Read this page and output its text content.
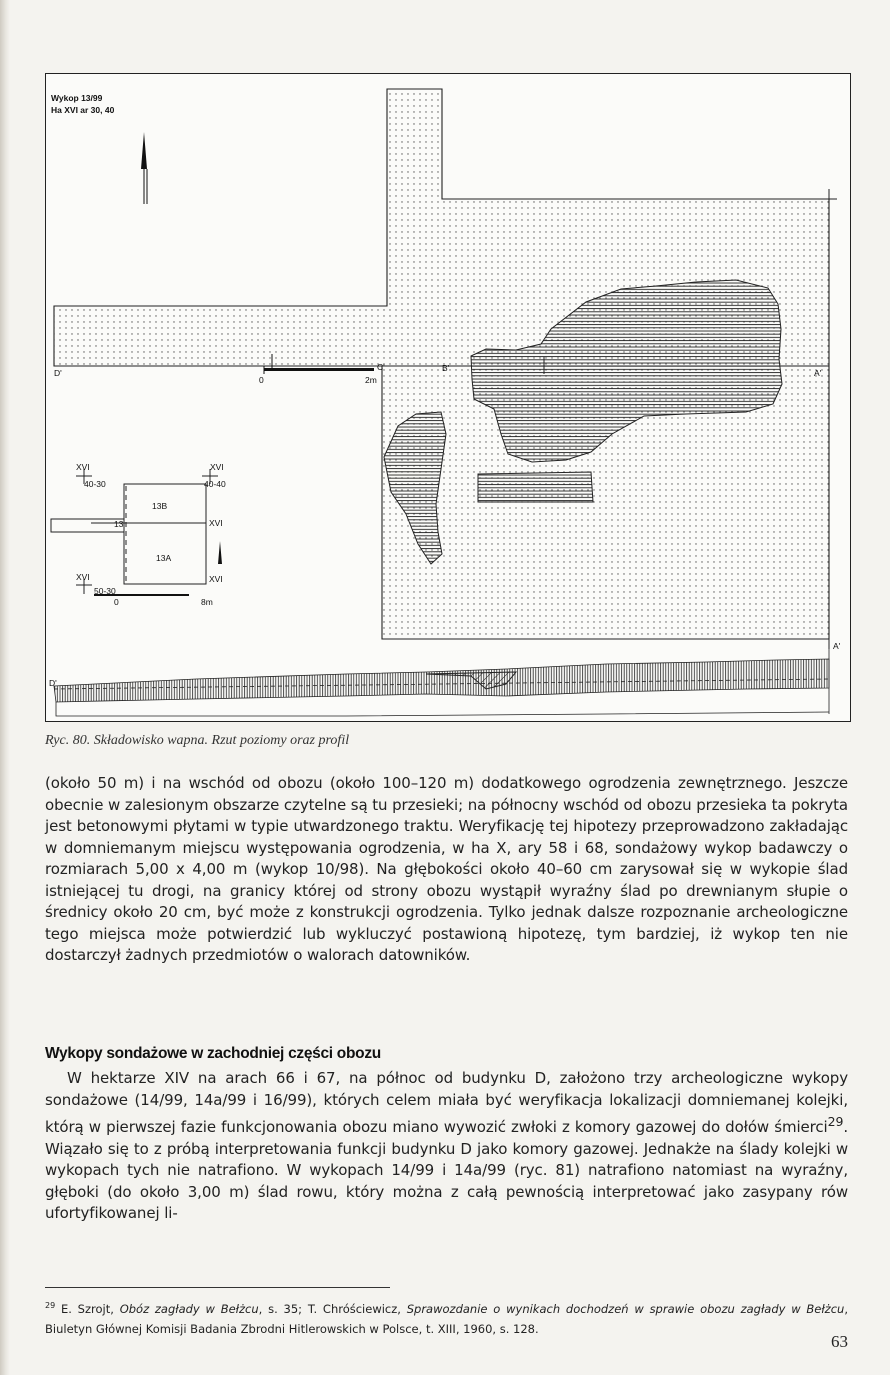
Wykop 13/99
Ha XVI ar 30, 40
D'
C'	B'	A'
0	2m
XVI
40-30
XVI
40-40
13B
13
13A
XVI
XVI
XVI
50-30
0	8m
D'
A'
Ryc. 80. Składowisko wapna. Rzut poziomy oraz profil
(około 50 m) i na wschód od obozu (około 100–120 m) dodatkowego ogrodzenia zewnętrznego. Jeszcze obecnie w zalesionym obszarze czytelne są tu przesieki; na północny wschód od obozu przesieka ta pokryta jest betonowymi płytami w typie utwardzonego traktu. Weryfikację tej hipotezy przeprowadzono zakładając w domniemanym miejscu występowania ogrodzenia, w ha X, ary 58 i 68, sondażowy wykop badawczy o rozmiarach 5,00 x 4,00 m (wykop 10/98). Na głębokości około 40–60 cm zarysował się w wykopie ślad istniejącej tu drogi, na granicy której od strony obozu wystąpił wyraźny ślad po drewnianym słupie o średnicy około 20 cm, być może z konstrukcji ogrodzenia. Tylko jednak dalsze rozpoznanie archeologiczne tego miejsca może potwierdzić lub wykluczyć postawioną hipotezę, tym bardziej, iż wykop ten nie dostarczył żadnych przedmiotów o walorach datowników.
Wykopy sondażowe w zachodniej części obozu
W hektarze XIV na arach 66 i 67, na północ od budynku D, założono trzy archeologiczne wykopy sondażowe (14/99, 14a/99 i 16/99), których celem miała być weryfikacja lokalizacji domniemanej kolejki, którą w pierwszej fazie funkcjonowania obozu miano wywozić zwłoki z komory gazowej do dołów śmierci$^{29}$. Wiązało się to z próbą interpretowania funkcji budynku D jako komory gazowej. Jednakże na ślady kolejki w wykopach tych nie natrafiono. W wykopach 14/99 i 14a/99 (ryc. 81) natrafiono natomiast na wyraźny, głęboki (do około 3,00 m) ślad rowu, który można z całą pewnością interpretować jako zasypany rów ufortyfikowanej li-
$^{29}$ E. Szrojt, Obóz zagłady w Bełżcu, s. 35; T. Chróściewicz, Sprawozdanie o wynikach dochodzeń w sprawie obozu zagłady w Bełżcu, Biuletyn Głównej Komisji Badania Zbrodni Hitlerowskich w Polsce, t. XIII, 1960, s. 128.
63
